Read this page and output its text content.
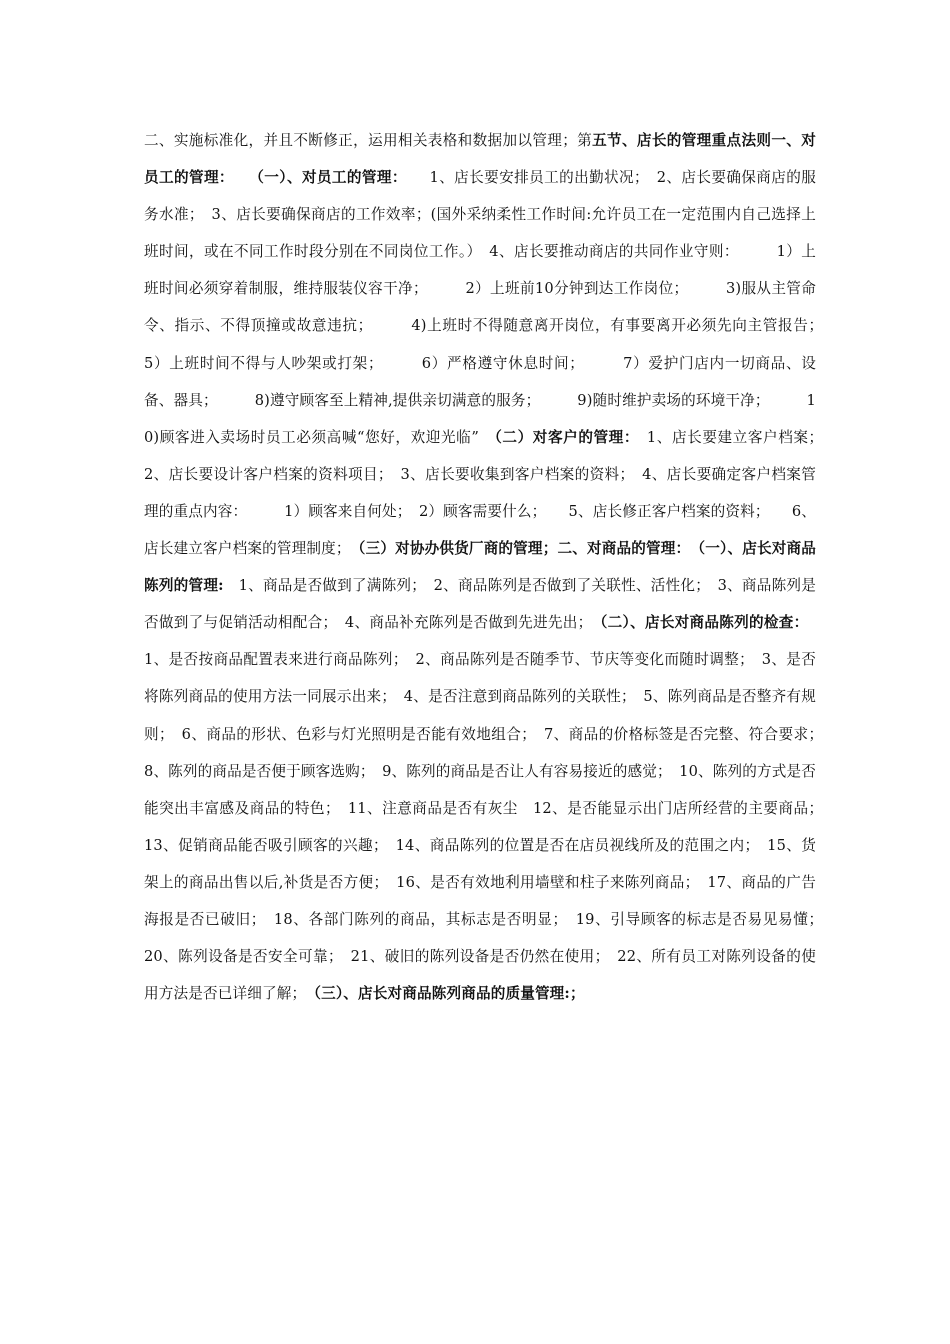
二、实施标准化，并且不断修正，运用相关表格和数据加以管理；第五节、店长的管理重点法则一、对员工的管理：　　（一）、对员工的管理：　　1、店长要安排员工的出勤状况；　2、店长要确保商店的服务水准；　3、店长要确保商店的工作效率；(国外采纳柔性工作时间:允许员工在一定范围内自己选择上班时间，或在不同工作时段分别在不同岗位工作。）　4、店长要推动商店的共同作业守则：　　　1）上班时间必须穿着制服，维持服装仪容干净；　　　2）上班前10分钟到达工作岗位；　　　3)服从主管命令、指示、不得顶撞或故意违抗；　　　4)上班时不得随意离开岗位，有事要离开必须先向主管报告；　　　5）上班时间不得与人吵架或打架；　　　6）严格遵守休息时间；　　　7）爱护门店内一切商品、设备、器具；　　　8)遵守顾客至上精神,提供亲切满意的服务；　　　9)随时维护卖场的环境干净；　　　10)顾客进入卖场时员工必须高喊“您好，欢迎光临”　（二）对客户的管理：　1、店长要建立客户档案；　2、店长要设计客户档案的资料项目；　3、店长要收集到客户档案的资料；　4、店长要确定客户档案管理的重点内容：　　　1）顾客来自何处；　2）顾客需要什么；　　5、店长修正客户档案的资料；　　6、店长建立客户档案的管理制度；　（三）对协办供货厂商的管理；二、对商品的管理：　（一）、店长对商品陈列的管理:　1、商品是否做到了满陈列；　2、商品陈列是否做到了关联性、活性化；　3、商品陈列是否做到了与促销活动相配合；　4、商品补充陈列是否做到先进先出；　（二）、店长对商品陈列的检查：　1、是否按商品配置表来进行商品陈列；　2、商品陈列是否随季节、节庆等变化而随时调整；　3、是否将陈列商品的使用方法一同展示出来；　4、是否注意到商品陈列的关联性；　5、陈列商品是否整齐有规则；　6、商品的形状、色彩与灯光照明是否能有效地组合；　7、商品的价格标签是否完整、符合要求；　8、陈列的商品是否便于顾客选购；　9、陈列的商品是否让人有容易接近的感觉；　10、陈列的方式是否能突出丰富感及商品的特色；　11、注意商品是否有灰尘　12、是否能显示出门店所经营的主要商品；　13、促销商品能否吸引顾客的兴趣；　14、商品陈列的位置是否在店员视线所及的范围之内；　15、货架上的商品出售以后,补货是否方便；　16、是否有效地利用墙壁和柱子来陈列商品；　17、商品的广告海报是否已破旧；　18、各部门陈列的商品，其标志是否明显；　19、引导顾客的标志是否易见易懂；　20、陈列设备是否安全可靠；　21、破旧的陈列设备是否仍然在使用；　22、所有员工对陈列设备的使用方法是否已详细了解；　（三）、店长对商品陈列商品的质量管理:；
